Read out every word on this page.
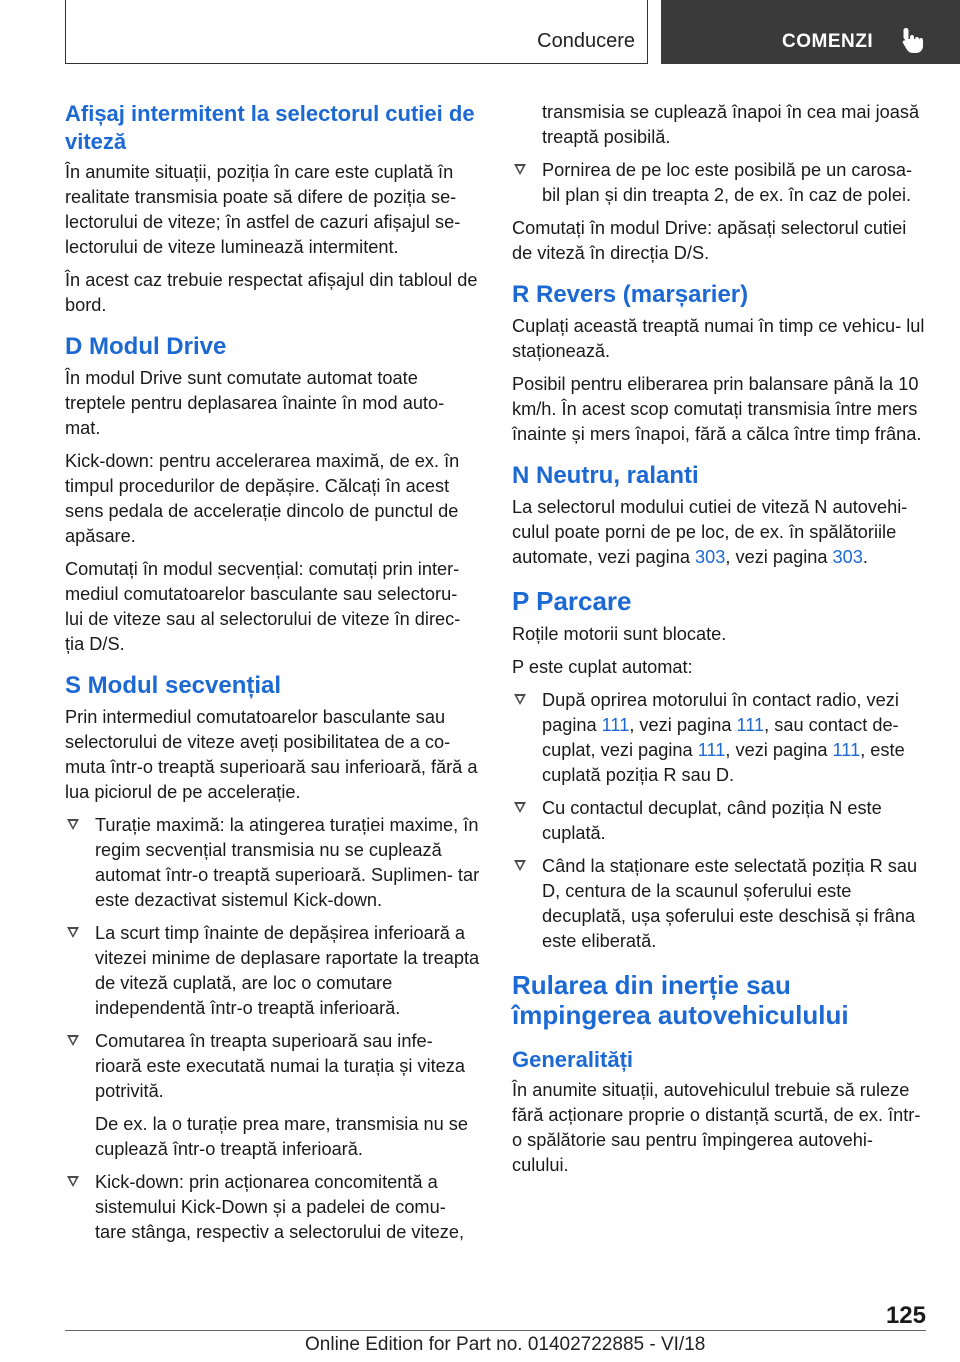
Conducere	COMENZI
Afișaj intermitent la selectorul cutiei de viteză

În anumite situații, poziția în care este cuplată în realitate transmisia poate să difere de poziția se‐ lectorului de viteze; în astfel de cazuri afișajul se‐ lectorului de viteze luminează intermitent.

În acest caz trebuie respectat afișajul din tabloul de bord.

D Modul Drive

În modul Drive sunt comutate automat toate treptele pentru deplasarea înainte în mod auto‐ mat.

Kick-down: pentru accelerarea maximă, de ex. în timpul procedurilor de depășire. Călcați în acest sens pedala de accelerație dincolo de punctul de apăsare.

Comutați în modul secvențial: comutați prin inter‐ mediul comutatoarelor basculante sau selectoru‐ lui de viteze sau al selectorului de viteze în direc‐ ția D/S.

S Modul secvențial

Prin intermediul comutatoarelor basculante sau selectorului de viteze aveți posibilitatea de a co‐ muta într-o treaptă superioară sau inferioară, fără a lua piciorul de pe accelerație.

Turație maximă: la atingerea turației maxime, în regim secvențial transmisia nu se cuplează automat într-o treaptă superioară. Suplimen‐ tar este dezactivat sistemul Kick-down.

La scurt timp înainte de depășirea inferioară a vitezei minime de deplasare raportate la treapta de viteză cuplată, are loc o comutare independentă într-o treaptă inferioară.

Comutarea în treapta superioară sau infe‐ rioară este executată numai la turația și viteza potrivită.

De ex. la o turație prea mare, transmisia nu se cuplează într-o treaptă inferioară.

Kick-down: prin acționarea concomitentă a sistemului Kick-Down și a padelei de comu‐ tare stânga, respectiv a selectorului de viteze,

transmisia se cuplează înapoi în cea mai joasă treaptă posibilă.

Pornirea de pe loc este posibilă pe un carosa‐ bil plan și din treapta 2, de ex. în caz de polei.

Comutați în modul Drive: apăsați selectorul cutiei de viteză în direcția D/S.

R Revers (marșarier)

Cuplați această treaptă numai în timp ce vehicu‐ lul staționează.

Posibil pentru eliberarea prin balansare până la 10 km/h. În acest scop comutați transmisia între mers înainte și mers înapoi, fără a călca între timp frâna.

N Neutru, ralanti

La selectorul modului cutiei de viteză N autovehi‐ culul poate porni de pe loc, de ex. în spălătoriile automate, vezi pagina 303, vezi pagina 303.

P Parcare

Roțile motorii sunt blocate.

P este cuplat automat:

După oprirea motorului în contact radio, vezi pagina 111, vezi pagina 111, sau contact de‐ cuplat, vezi pagina 111, vezi pagina 111, este cuplată poziția R sau D.

Cu contactul decuplat, când poziția N este cuplată.

Când la staționare este selectată poziția R sau D, centura de la scaunul șoferului este decuplată, ușa șoferului este deschisă și frâna este eliberată.

Rularea din inerție sau împingerea autovehiculului
Generalități

În anumite situații, autovehiculul trebuie să ruleze fără acționare proprie o distanță scurtă, de ex. într-o spălătorie sau pentru împingerea autovehi‐ culului.

125
Online Edition for Part no. 01402722885 - VI/18
